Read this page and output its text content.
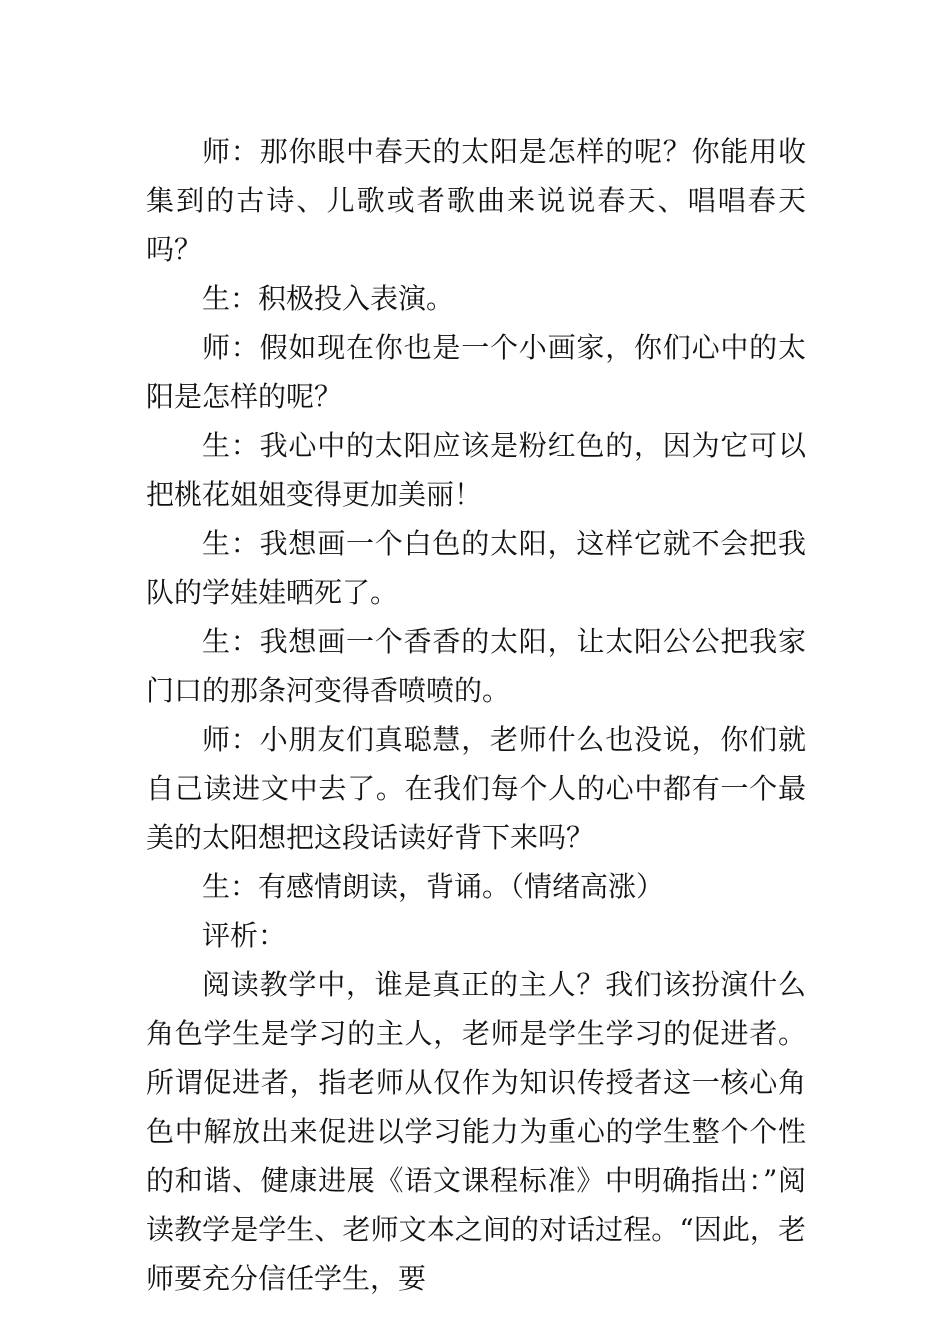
师：那你眼中春天的太阳是怎样的呢？你能用收集到的古诗、儿歌或者歌曲来说说春天、唱唱春天吗？

生：积极投入表演。

师：假如现在你也是一个小画家，你们心中的太阳是怎样的呢？

生：我心中的太阳应该是粉红色的，因为它可以把桃花姐姐变得更加美丽！

生：我想画一个白色的太阳，这样它就不会把我队的学娃娃晒死了。

生：我想画一个香香的太阳，让太阳公公把我家门口的那条河变得香喷喷的。

师：小朋友们真聪慧，老师什么也没说，你们就自己读进文中去了。在我们每个人的心中都有一个最美的太阳想把这段话读好背下来吗？

生：有感情朗读，背诵。（情绪高涨）

评析：

阅读教学中，谁是真正的主人？我们该扮演什么角色学生是学习的主人，老师是学生学习的促进者。所谓促进者，指老师从仅作为知识传授者这一核心角色中解放出来促进以学习能力为重心的学生整个个性的和谐、健康进展《语文课程标准》中明确指出：”阅读教学是学生、老师文本之间的对话过程。“因此，老师要充分信任学生，要
